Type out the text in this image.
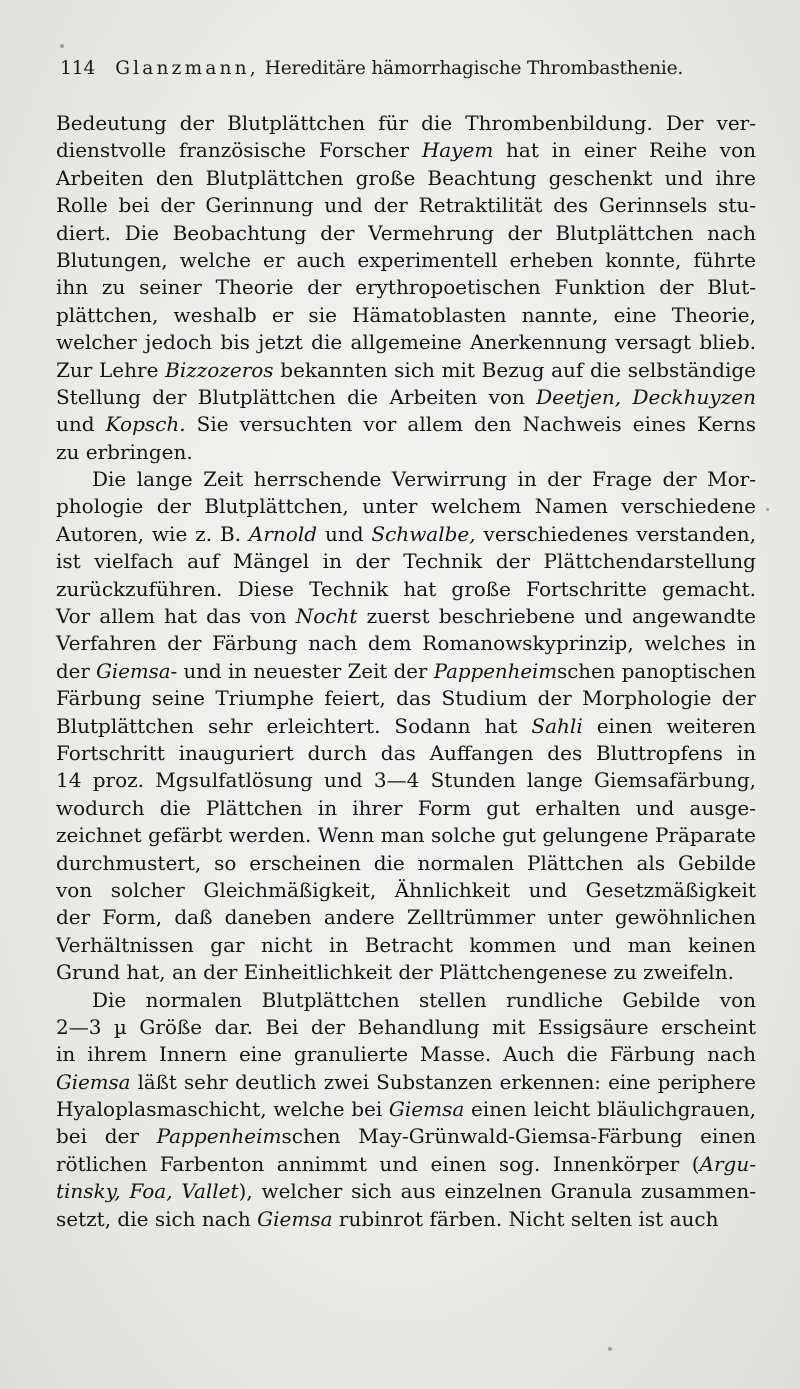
114 Glanzmann, Hereditäre hämorrhagische Thrombasthenie.
Bedeutung der Blutplättchen für die Thrombenbildung. Der ver-
dienstvolle französische Forscher Hayem hat in einer Reihe von
Arbeiten den Blutplättchen große Beachtung geschenkt und ihre
Rolle bei der Gerinnung und der Retraktilität des Gerinnsels stu-
diert. Die Beobachtung der Vermehrung der Blutplättchen nach
Blutungen, welche er auch experimentell erheben konnte, führte
ihn zu seiner Theorie der erythropoetischen Funktion der Blut-
plättchen, weshalb er sie Hämatoblasten nannte, eine Theorie,
welcher jedoch bis jetzt die allgemeine Anerkennung versagt blieb.
Zur Lehre Bizzozeros bekannten sich mit Bezug auf die selbständige
Stellung der Blutplättchen die Arbeiten von Deetjen, Deckhuyzen
und Kopsch. Sie versuchten vor allem den Nachweis eines Kerns
zu erbringen.
Die lange Zeit herrschende Verwirrung in der Frage der Mor-
phologie der Blutplättchen, unter welchem Namen verschiedene
Autoren, wie z. B. Arnold und Schwalbe, verschiedenes verstanden,
ist vielfach auf Mängel in der Technik der Plättchendarstellung
zurückzuführen. Diese Technik hat große Fortschritte gemacht.
Vor allem hat das von Nocht zuerst beschriebene und angewandte
Verfahren der Färbung nach dem Romanowskyprinzip, welches in
der Giemsa- und in neuester Zeit der Pappenheimschen panoptischen
Färbung seine Triumphe feiert, das Studium der Morphologie der
Blutplättchen sehr erleichtert. Sodann hat Sahli einen weiteren
Fortschritt inauguriert durch das Auffangen des Bluttropfens in
14 proz. Mgsulfatlösung und 3—4 Stunden lange Giemsafärbung,
wodurch die Plättchen in ihrer Form gut erhalten und ausge-
zeichnet gefärbt werden. Wenn man solche gut gelungene Präparate
durchmustert, so erscheinen die normalen Plättchen als Gebilde
von solcher Gleichmäßigkeit, Ähnlichkeit und Gesetzmäßigkeit
der Form, daß daneben andere Zelltrümmer unter gewöhnlichen
Verhältnissen gar nicht in Betracht kommen und man keinen
Grund hat, an der Einheitlichkeit der Plättchengenese zu zweifeln.
Die normalen Blutplättchen stellen rundliche Gebilde von
2—3 µ Größe dar. Bei der Behandlung mit Essigsäure erscheint
in ihrem Innern eine granulierte Masse. Auch die Färbung nach
Giemsa läßt sehr deutlich zwei Substanzen erkennen: eine periphere
Hyaloplasmaschicht, welche bei Giemsa einen leicht bläulichgrauen,
bei der Pappenheimschen May-Grünwald-Giemsa-Färbung einen
rötlichen Farbenton annimmt und einen sog. Innenkörper (Argu-
tinsky, Foa, Vallet), welcher sich aus einzelnen Granula zusammen-
setzt, die sich nach Giemsa rubinrot färben. Nicht selten ist auch
